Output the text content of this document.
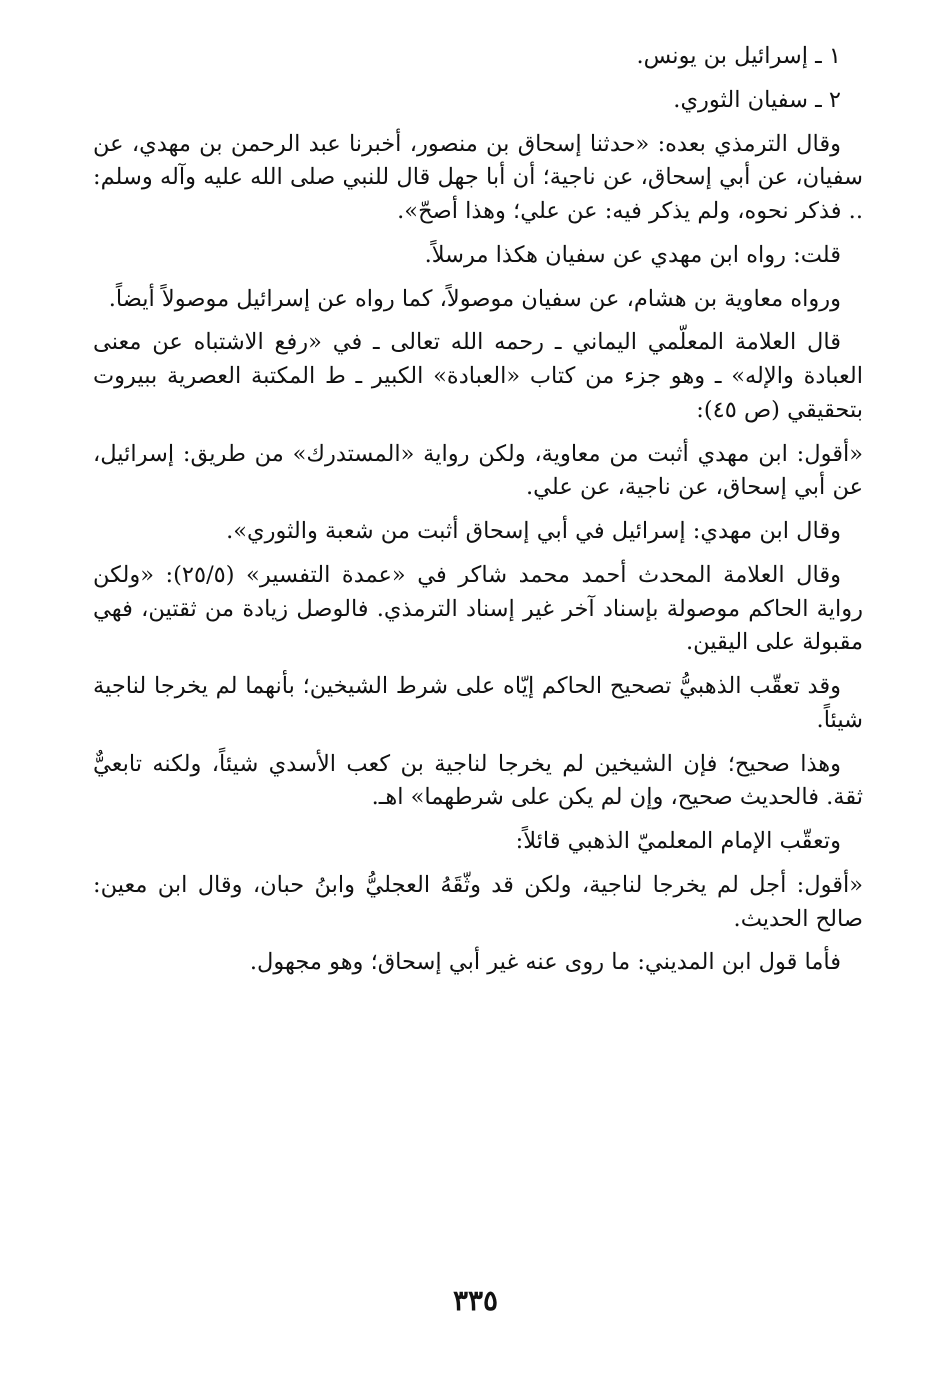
١ ـ إسرائيل بن يونس.

٢ ـ سفيان الثوري.

وقال الترمذي بعده: «حدثنا إسحاق بن منصور، أخبرنا عبد الرحمن بن مهدي، عن سفيان، عن أبي إسحاق، عن ناجية؛ أن أبا جهل قال للنبي صلى الله عليه وآله وسلم: .. فذكر نحوه، ولم يذكر فيه: عن علي؛ وهذا أصحّ».

قلت: رواه ابن مهدي عن سفيان هكذا مرسلاً.

ورواه معاوية بن هشام، عن سفيان موصولاً، كما رواه عن إسرائيل موصولاً أيضاً.

قال العلامة المعلّمي اليماني ـ رحمه الله تعالى ـ في «رفع الاشتباه عن معنى العبادة والإله» ـ وهو جزء من كتاب «العبادة» الكبير ـ ط المكتبة العصرية ببيروت بتحقيقي (ص ٤٥):

«أقول: ابن مهدي أثبت من معاوية، ولكن رواية «المستدرك» من طريق: إسرائيل، عن أبي إسحاق، عن ناجية، عن علي.

وقال ابن مهدي: إسرائيل في أبي إسحاق أثبت من شعبة والثوري».

وقال العلامة المحدث أحمد محمد شاكر في «عمدة التفسير» (٢٥/٥): «ولكن رواية الحاكم موصولة بإسناد آخر غير إسناد الترمذي. فالوصل زيادة من ثقتين، فهي مقبولة على اليقين.

وقد تعقّب الذهبيُّ تصحيح الحاكم إيّاه على شرط الشيخين؛ بأنهما لم يخرجا لناجية شيئاً.

وهذا صحيح؛ فإن الشيخين لم يخرجا لناجية بن كعب الأسدي شيئاً، ولكنه تابعيٌّ ثقة. فالحديث صحيح، وإن لم يكن على شرطهما» اهـ.

وتعقّب الإمام المعلميّ الذهبي قائلاً:

«أقول: أجل لم يخرجا لناجية، ولكن قد وثّقَهُ العجليُّ وابنُ حبان، وقال ابن معين: صالح الحديث.

فأما قول ابن المديني: ما روى عنه غير أبي إسحاق؛ وهو مجهول.

٣٣٥
